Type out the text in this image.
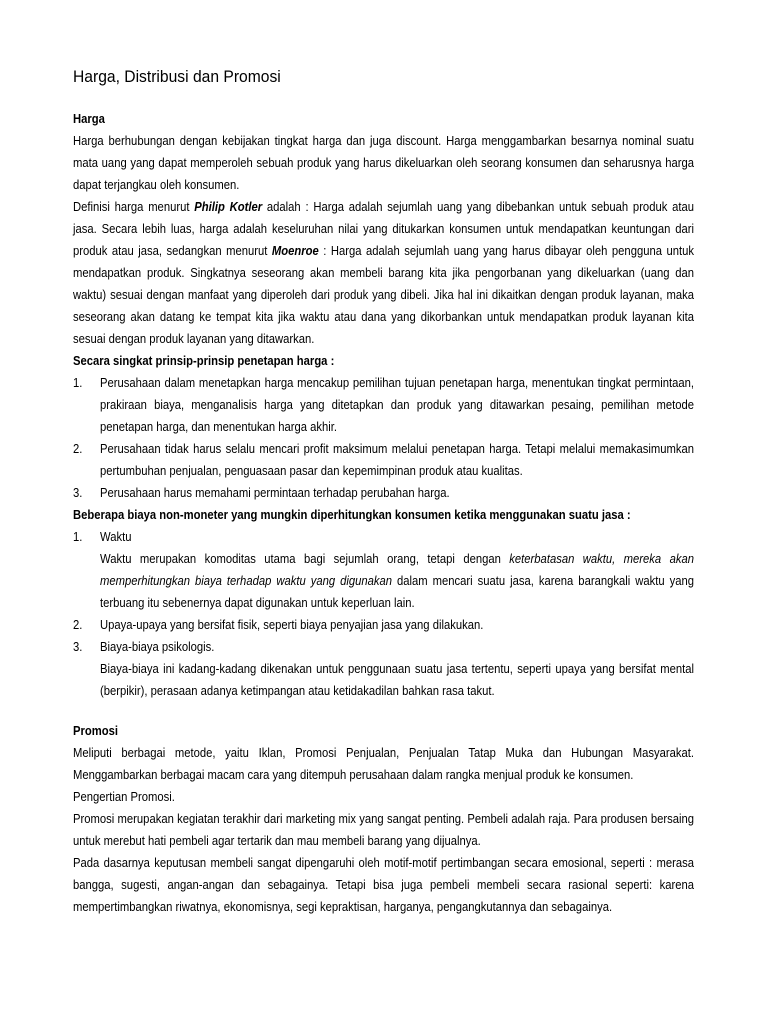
Harga, Distribusi dan Promosi
Harga
Harga berhubungan dengan kebijakan tingkat harga dan juga discount. Harga menggambarkan besarnya nominal suatu mata uang yang dapat memperoleh sebuah produk yang harus dikeluarkan oleh seorang konsumen dan seharusnya harga dapat terjangkau oleh konsumen.
Definisi harga menurut Philip Kotler adalah : Harga adalah sejumlah uang yang dibebankan untuk sebuah produk atau jasa. Secara lebih luas, harga adalah keseluruhan nilai yang ditukarkan konsumen untuk mendapatkan keuntungan dari produk atau jasa, sedangkan menurut Moenroe : Harga adalah sejumlah uang yang harus dibayar oleh pengguna untuk mendapatkan produk. Singkatnya seseorang akan membeli barang kita jika pengorbanan yang dikeluarkan (uang dan waktu) sesuai dengan manfaat yang diperoleh dari produk yang dibeli. Jika hal ini dikaitkan dengan produk layanan, maka seseorang akan datang ke tempat kita jika waktu atau dana yang dikorbankan untuk mendapatkan produk layanan kita sesuai dengan produk layanan yang ditawarkan.
Secara singkat prinsip-prinsip penetapan harga :
1. Perusahaan dalam menetapkan harga mencakup pemilihan tujuan penetapan harga, menentukan tingkat permintaan, prakiraan biaya, menganalisis harga yang ditetapkan dan produk yang ditawarkan pesaing, pemilihan metode penetapan harga, dan menentukan harga akhir.
2. Perusahaan tidak harus selalu mencari profit maksimum melalui penetapan harga. Tetapi melalui memakasimumkan pertumbuhan penjualan, penguasaan pasar dan kepemimpinan produk atau kualitas.
3. Perusahaan harus memahami permintaan terhadap perubahan harga.
Beberapa biaya non-moneter yang mungkin diperhitungkan konsumen ketika menggunakan suatu jasa :
1. Waktu
Waktu merupakan komoditas utama bagi sejumlah orang, tetapi dengan keterbatasan waktu, mereka akan memperhitungkan biaya terhadap waktu yang digunakan dalam mencari suatu jasa, karena barangkali waktu yang terbuang itu sebenernya dapat digunakan untuk keperluan lain.
2. Upaya-upaya yang bersifat fisik, seperti biaya penyajian jasa yang dilakukan.
3. Biaya-biaya psikologis.
Biaya-biaya ini kadang-kadang dikenakan untuk penggunaan suatu jasa tertentu, seperti upaya yang bersifat mental (berpikir), perasaan adanya ketimpangan atau ketidakadilan bahkan rasa takut.
Promosi
Meliputi berbagai metode, yaitu Iklan, Promosi Penjualan, Penjualan Tatap Muka dan Hubungan Masyarakat. Menggambarkan berbagai macam cara yang ditempuh perusahaan dalam rangka menjual produk ke konsumen.
Pengertian Promosi.
Promosi merupakan kegiatan terakhir dari marketing mix yang sangat penting. Pembeli adalah raja. Para produsen bersaing untuk merebut hati pembeli agar tertarik dan mau membeli barang yang dijualnya.
Pada dasarnya keputusan membeli sangat dipengaruhi oleh motif-motif pertimbangan secara emosional, seperti : merasa bangga, sugesti, angan-angan dan sebagainya. Tetapi bisa juga pembeli membeli secara rasional seperti: karena mempertimbangkan riwatnya, ekonomisnya, segi kepraktisan, harganya, pengangkutannya dan sebagainya.
